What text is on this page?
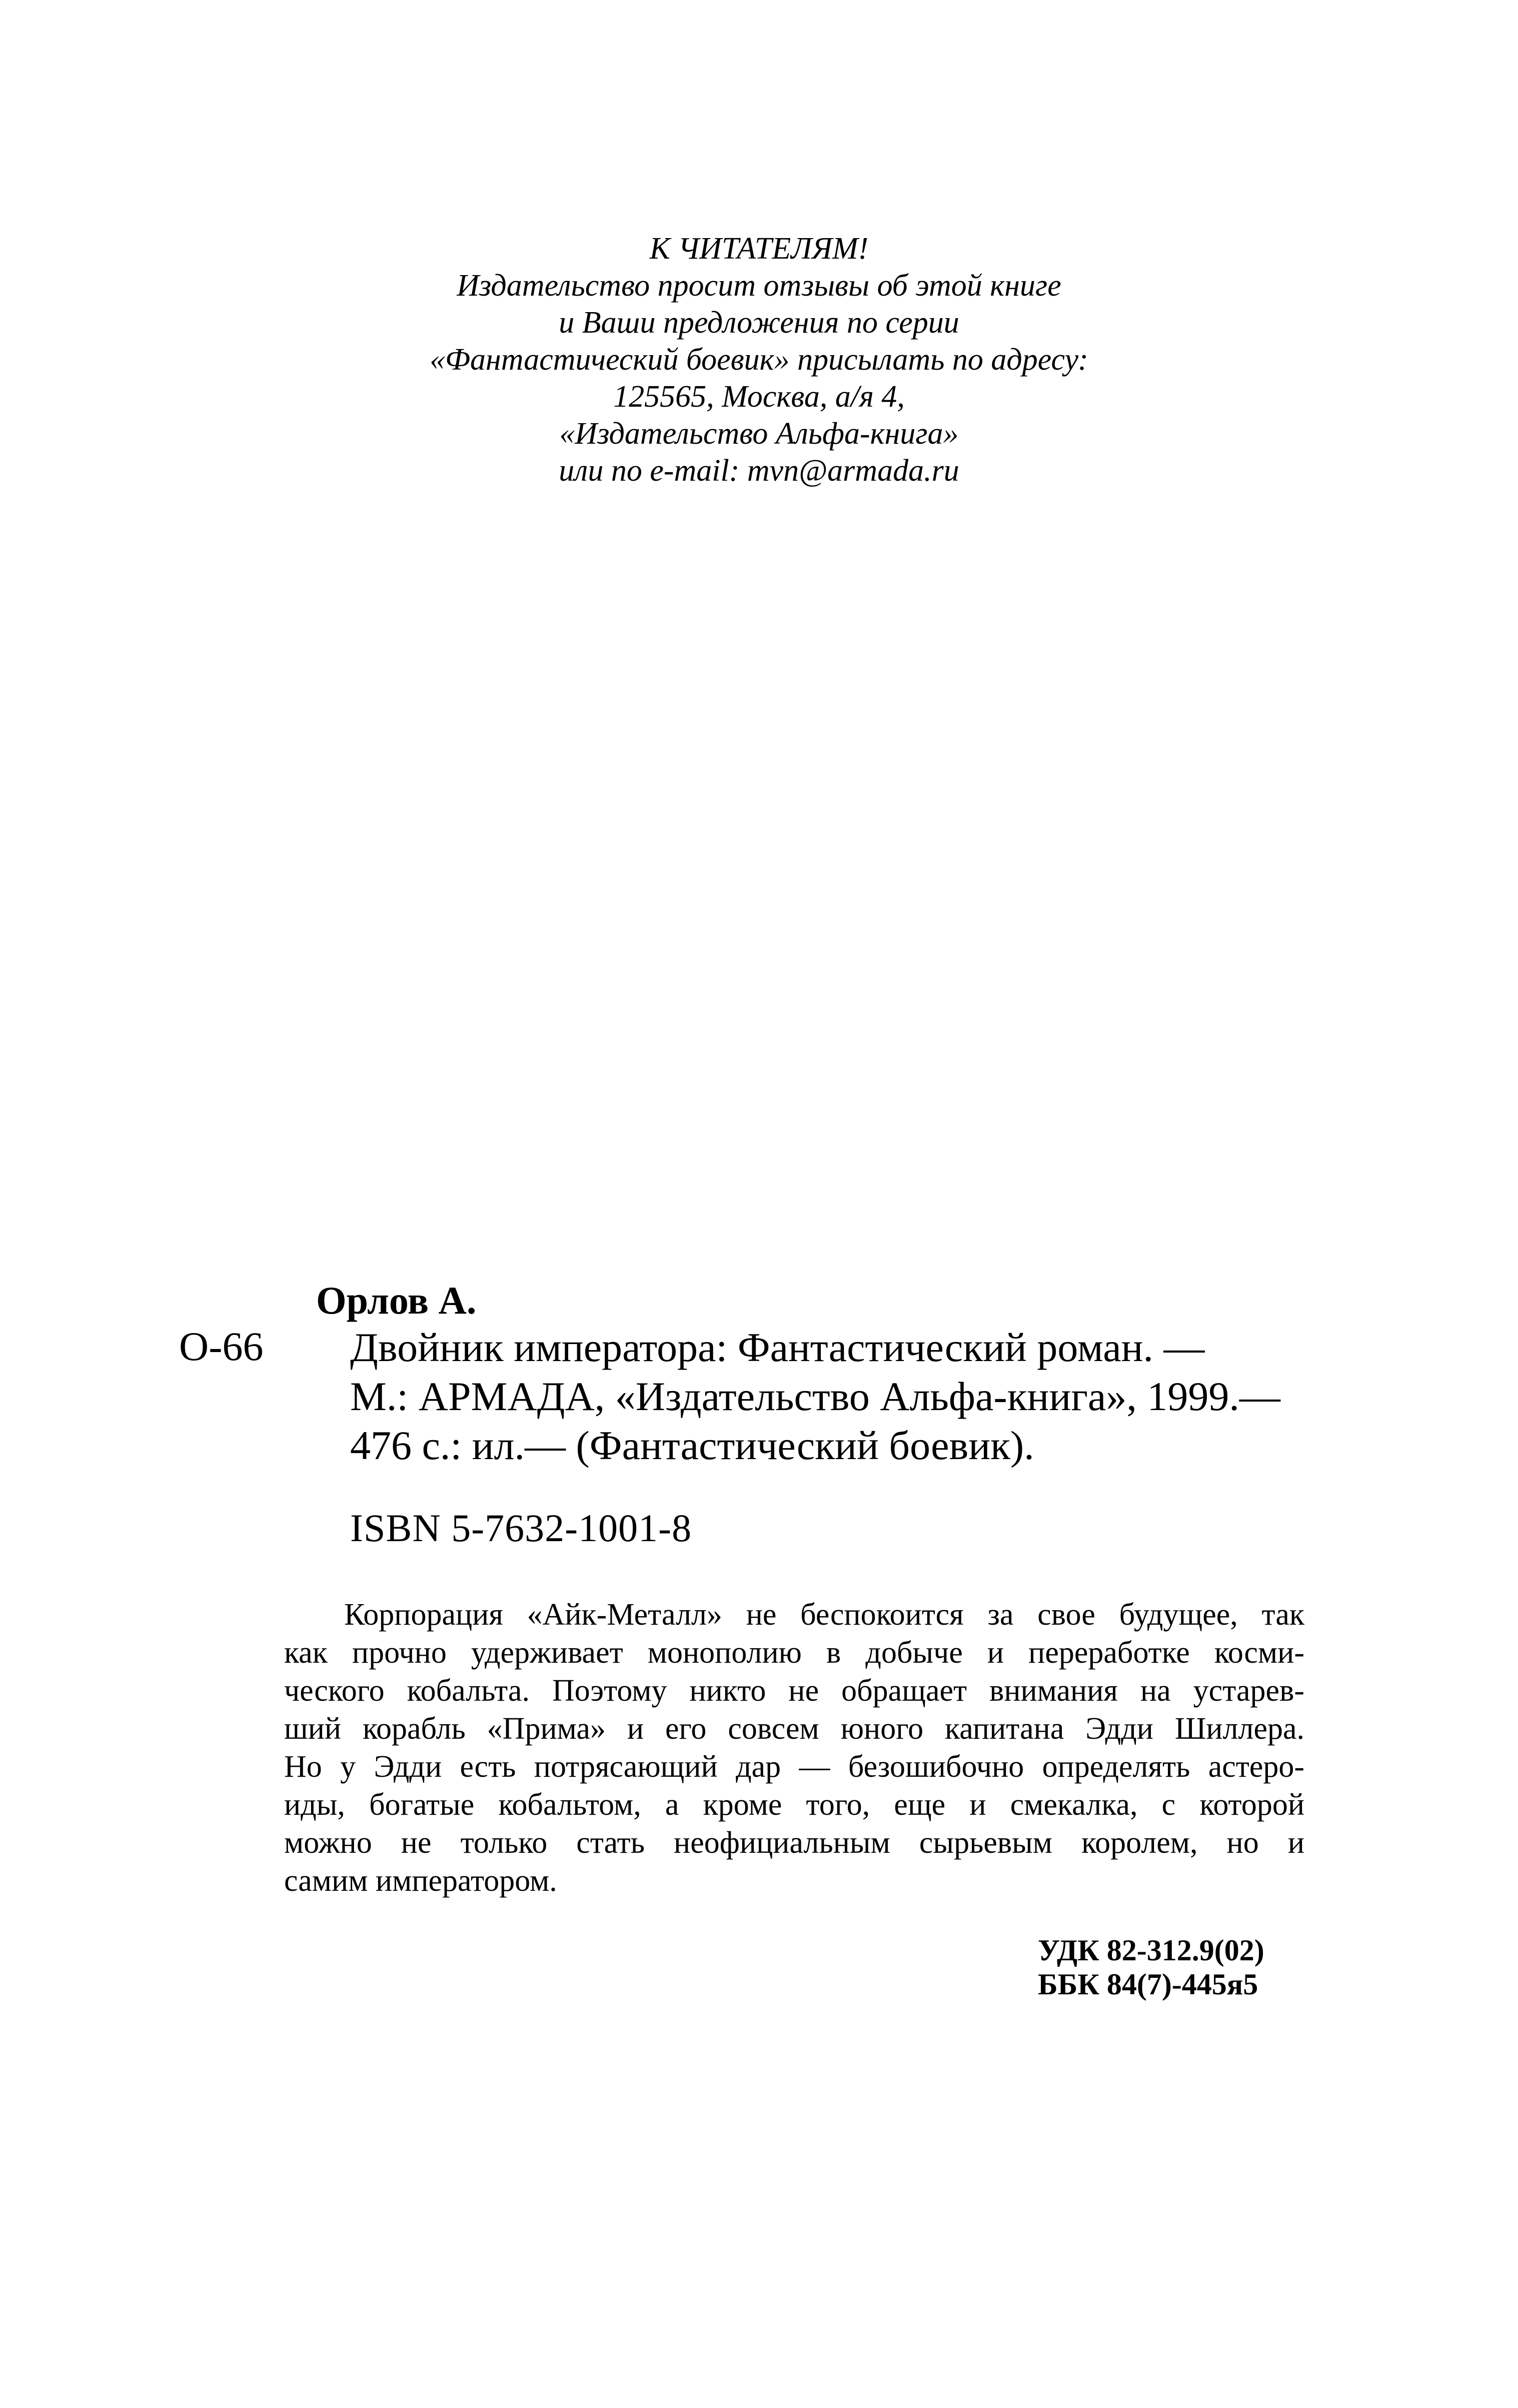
К ЧИТАТЕЛЯМ!
Издательство просит отзывы об этой книге
и Ваши предложения по серии
«Фантастический боевик» присылать по адресу:
125565, Москва, а/я 4,
«Издательство Альфа-книга»
или по e-mail: mvn@armada.ru
Орлов А.
О-66 Двойник императора: Фантастический роман. —
М.: АРМАДА, «Издательство Альфа-книга», 1999.—
476 с.: ил.— (Фантастический боевик).
ISBN 5-7632-1001-8
Корпорация «Айк-Металл» не беспокоится за свое будущее, так
как прочно удерживает монополию в добыче и переработке косми-
ческого кобальта. Поэтому никто не обращает внимания на устарев-
ший корабль «Прима» и его совсем юного капитана Эдди Шиллера.
Но у Эдди есть потрясающий дар — безошибочно определять астеро-
иды, богатые кобальтом, а кроме того, еще и смекалка, с которой
можно не только стать неофициальным сырьевым королем, но и
самим императором.
УДК 82-312.9(02)
ББК 84(7)-445я5
